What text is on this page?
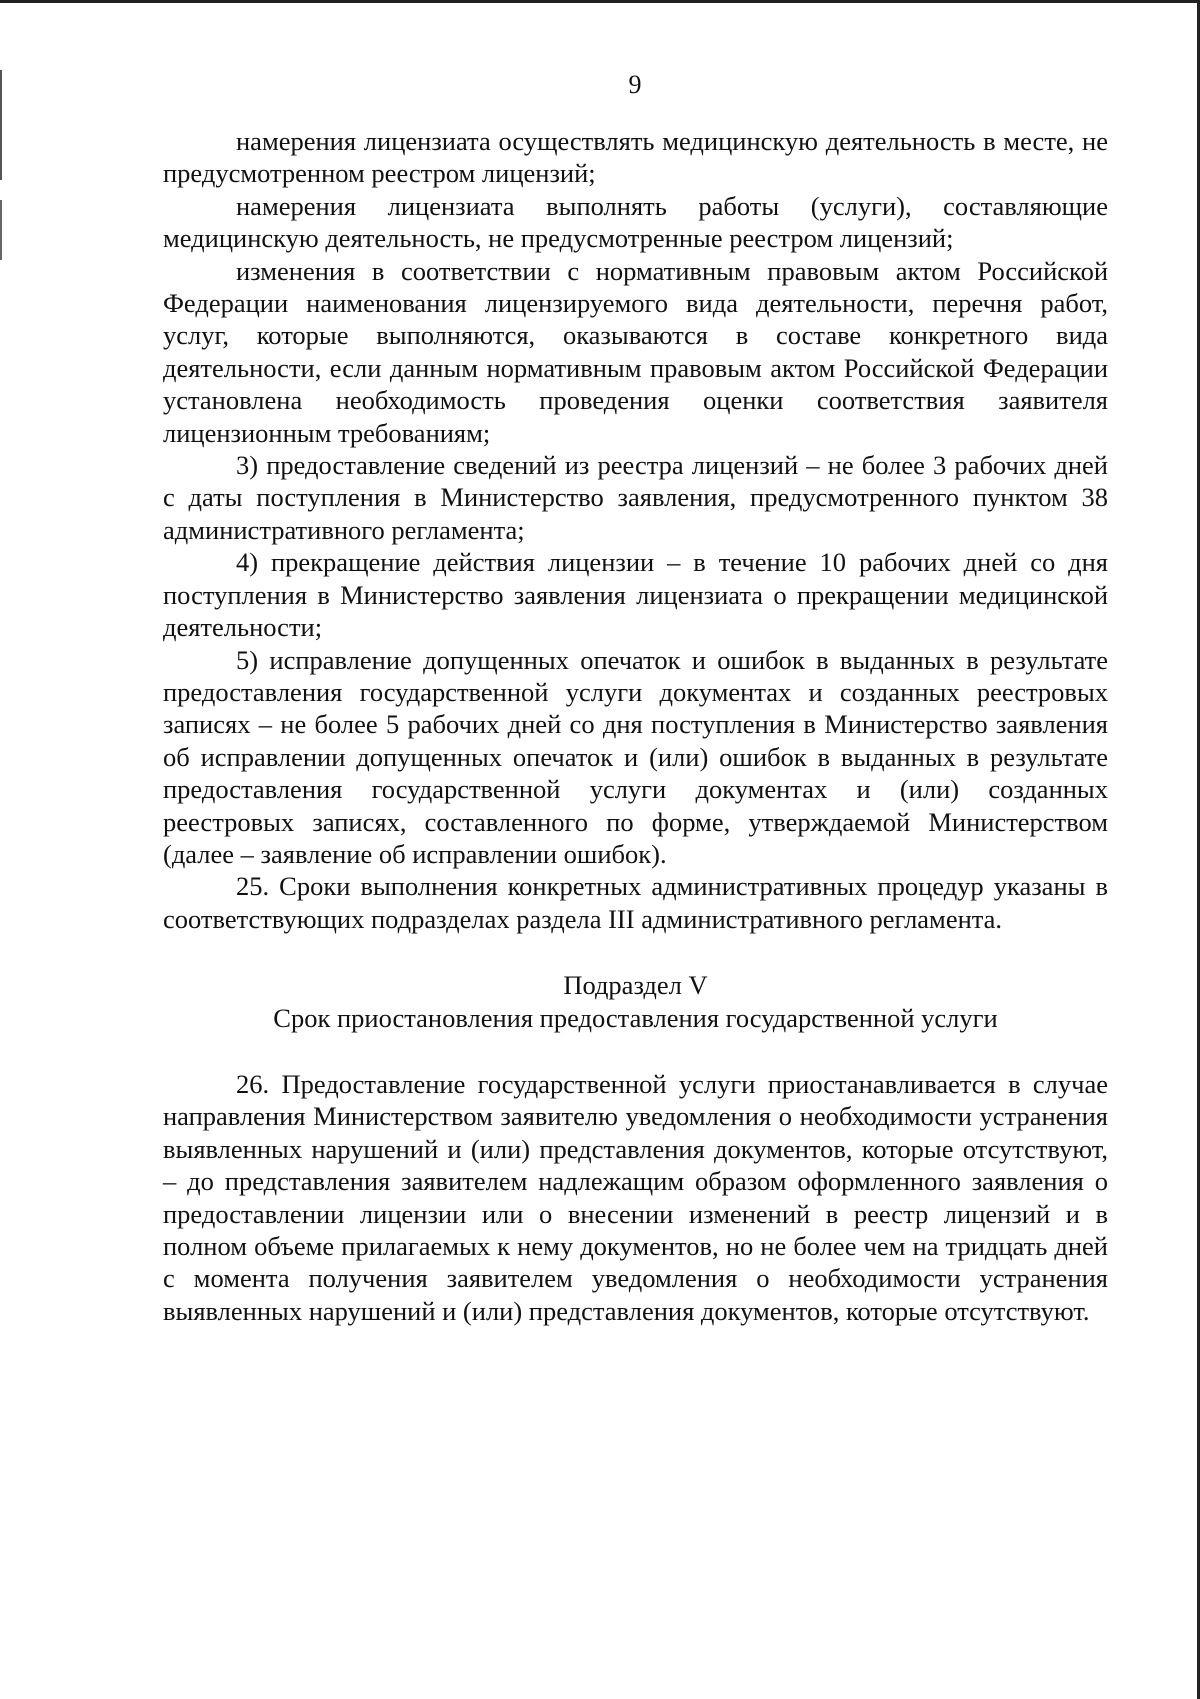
9

намерения лицензиата осуществлять медицинскую деятельность в месте, не предусмотренном реестром лицензий;

намерения лицензиата выполнять работы (услуги), составляющие медицинскую деятельность, не предусмотренные реестром лицензий;

изменения в соответствии с нормативным правовым актом Российской Федерации наименования лицензируемого вида деятельности, перечня работ, услуг, которые выполняются, оказываются в составе конкретного вида деятельности, если данным нормативным правовым актом Российской Федерации установлена необходимость проведения оценки соответствия заявителя лицензионным требованиям;

3) предоставление сведений из реестра лицензий – не более 3 рабочих дней с даты поступления в Министерство заявления, предусмотренного пунктом 38 административного регламента;

4) прекращение действия лицензии – в течение 10 рабочих дней со дня поступления в Министерство заявления лицензиата о прекращении медицинской деятельности;

5) исправление допущенных опечаток и ошибок в выданных в результате предоставления государственной услуги документах и созданных реестровых записях – не более 5 рабочих дней со дня поступления в Министерство заявления об исправлении допущенных опечаток и (или) ошибок в выданных в результате предоставления государственной услуги документах и (или) созданных реестровых записях, составленного по форме, утверждаемой Министерством (далее – заявление об исправлении ошибок).

25. Сроки выполнения конкретных административных процедур указаны в соответствующих подразделах раздела III административного регламента.

Подраздел V

Срок приостановления предоставления государственной услуги

26. Предоставление государственной услуги приостанавливается в случае направления Министерством заявителю уведомления о необходимости устранения выявленных нарушений и (или) представления документов, которые отсутствуют, – до представления заявителем надлежащим образом оформленного заявления о предоставлении лицензии или о внесении изменений в реестр лицензий и в полном объеме прилагаемых к нему документов, но не более чем на тридцать дней с момента получения заявителем уведомления о необходимости устранения выявленных нарушений и (или) представления документов, которые отсутствуют.
